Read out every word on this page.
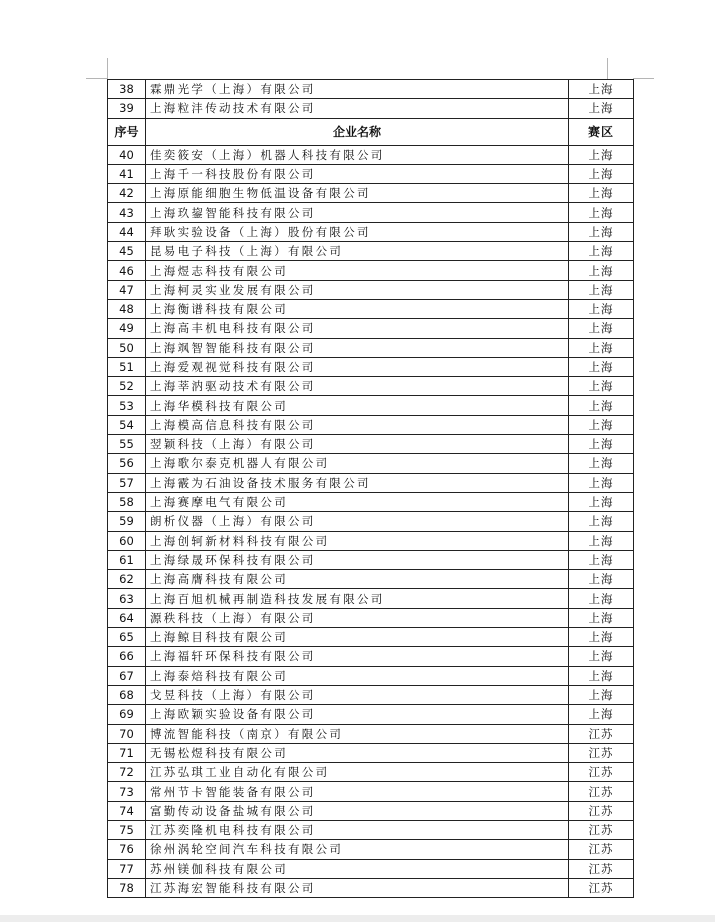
38	霖鼎光学（上海）有限公司	上海
39	上海粒沣传动技术有限公司	上海
序号	企业名称	赛区
40	佳奕筱安（上海）机器人科技有限公司	上海
41	上海千一科技股份有限公司	上海
42	上海原能细胞生物低温设备有限公司	上海
43	上海玖鋆智能科技有限公司	上海
44	拜耿实验设备（上海）股份有限公司	上海
45	昆易电子科技（上海）有限公司	上海
46	上海煜志科技有限公司	上海
47	上海柯灵实业发展有限公司	上海
48	上海衡谱科技有限公司	上海
49	上海高丰机电科技有限公司	上海
50	上海飒智智能科技有限公司	上海
51	上海爱观视觉科技有限公司	上海
52	上海莘汭驱动技术有限公司	上海
53	上海华模科技有限公司	上海
54	上海模高信息科技有限公司	上海
55	翌颖科技（上海）有限公司	上海
56	上海歌尔泰克机器人有限公司	上海
57	上海霰为石油设备技术服务有限公司	上海
58	上海赛摩电气有限公司	上海
59	朗析仪器（上海）有限公司	上海
60	上海创轲新材料科技有限公司	上海
61	上海绿晟环保科技有限公司	上海
62	上海高膺科技有限公司	上海
63	上海百旭机械再制造科技发展有限公司	上海
64	源秩科技（上海）有限公司	上海
65	上海鲸目科技有限公司	上海
66	上海福轩环保科技有限公司	上海
67	上海泰焙科技有限公司	上海
68	戈昱科技（上海）有限公司	上海
69	上海欧颖实验设备有限公司	上海
70	博流智能科技（南京）有限公司	江苏
71	无锡松煜科技有限公司	江苏
72	江苏弘琪工业自动化有限公司	江苏
73	常州节卡智能装备有限公司	江苏
74	富勤传动设备盐城有限公司	江苏
75	江苏奕隆机电科技有限公司	江苏
76	徐州涡轮空间汽车科技有限公司	江苏
77	苏州镁伽科技有限公司	江苏
78	江苏海宏智能科技有限公司	江苏
